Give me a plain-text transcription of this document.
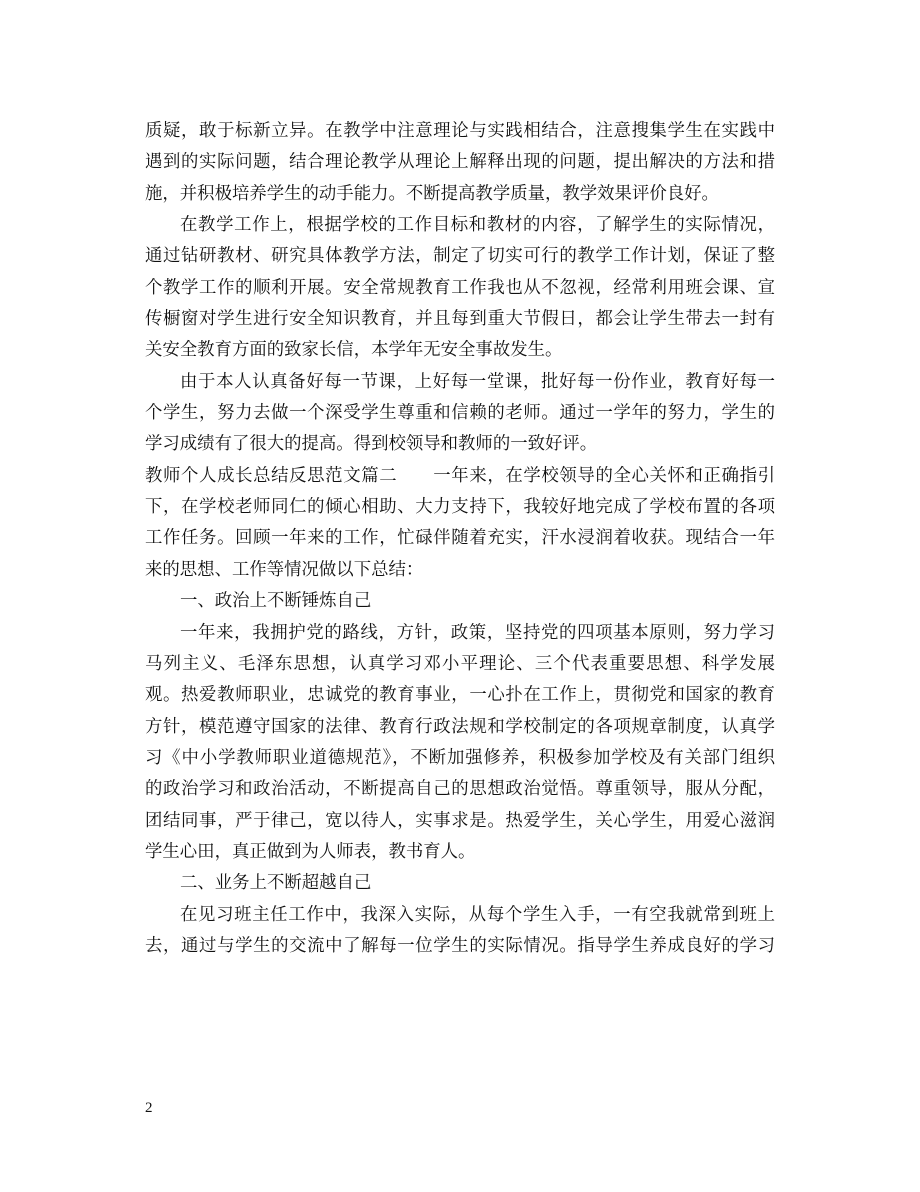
质疑，敢于标新立异。在教学中注意理论与实践相结合，注意搜集学生在实践中
遇到的实际问题，结合理论教学从理论上解释出现的问题，提出解决的方法和措
施，并积极培养学生的动手能力。不断提高教学质量，教学效果评价良好。
在教学工作上，根据学校的工作目标和教材的内容，了解学生的实际情况，
通过钻研教材、研究具体教学方法，制定了切实可行的教学工作计划，保证了整
个教学工作的顺利开展。安全常规教育工作我也从不忽视，经常利用班会课、宣
传橱窗对学生进行安全知识教育，并且每到重大节假日，都会让学生带去一封有
关安全教育方面的致家长信，本学年无安全事故发生。
由于本人认真备好每一节课，上好每一堂课，批好每一份作业，教育好每一
个学生，努力去做一个深受学生尊重和信赖的老师。通过一学年的努力，学生的
学习成绩有了很大的提高。得到校领导和教师的一致好评。
教师个人成长总结反思范文篇二　　一年来，在学校领导的全心关怀和正确指引
下，在学校老师同仁的倾心相助、大力支持下，我较好地完成了学校布置的各项
工作任务。回顾一年来的工作，忙碌伴随着充实，汗水浸润着收获。现结合一年
来的思想、工作等情况做以下总结：
一、政治上不断锤炼自己
一年来，我拥护党的路线，方针，政策，坚持党的四项基本原则，努力学习
马列主义、毛泽东思想，认真学习邓小平理论、三个代表重要思想、科学发展
观。热爱教师职业，忠诚党的教育事业，一心扑在工作上，贯彻党和国家的教育
方针，模范遵守国家的法律、教育行政法规和学校制定的各项规章制度，认真学
习《中小学教师职业道德规范》，不断加强修养，积极参加学校及有关部门组织
的政治学习和政治活动，不断提高自己的思想政治觉悟。尊重领导，服从分配，
团结同事，严于律己，宽以待人，实事求是。热爱学生，关心学生，用爱心滋润
学生心田，真正做到为人师表，教书育人。
二、业务上不断超越自己
在见习班主任工作中，我深入实际，从每个学生入手，一有空我就常到班上
去，通过与学生的交流中了解每一位学生的实际情况。指导学生养成良好的学习
2
